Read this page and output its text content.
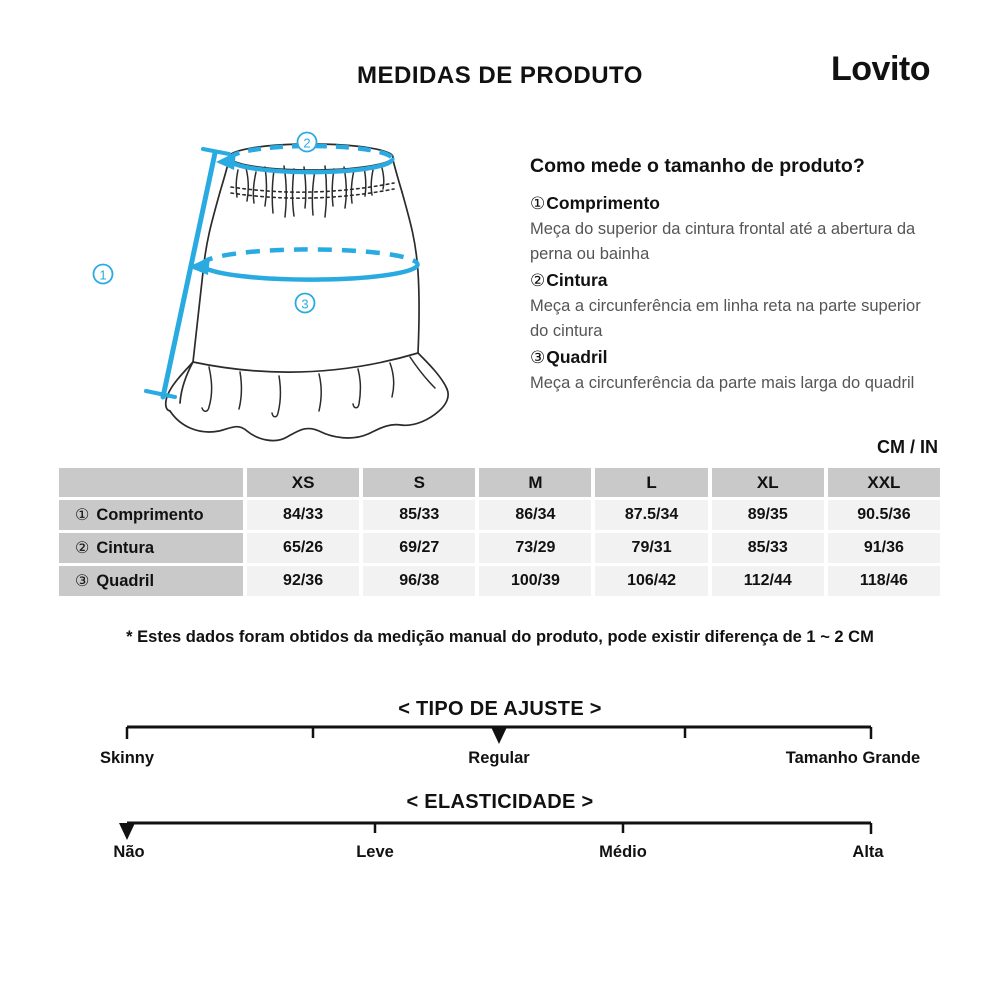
MEDIDAS DE PRODUTO	Lovito
2
1
3
Como mede o tamanho de produto?
①Comprimento
Meça do superior da cintura frontal até a abertura da perna ou bainha
②Cintura
Meça a circunferência em linha reta na parte superior do cintura
③Quadril
Meça a circunferência da parte mais larga do quadril
CM / IN
XS	S	M	L	XL	XXL
① Comprimento	84/33	85/33	86/34	87.5/34	89/35	90.5/36
② Cintura	65/26	69/27	73/29	79/31	85/33	91/36
③ Quadril	92/36	96/38	100/39	106/42	112/44	118/46
* Estes dados foram obtidos da medição manual do produto, pode existir diferença de 1 ~ 2 CM
< TIPO DE AJUSTE >
Skinny	Regular	Tamanho Grande
< ELASTICIDADE >
Não	Leve	Médio	Alta
